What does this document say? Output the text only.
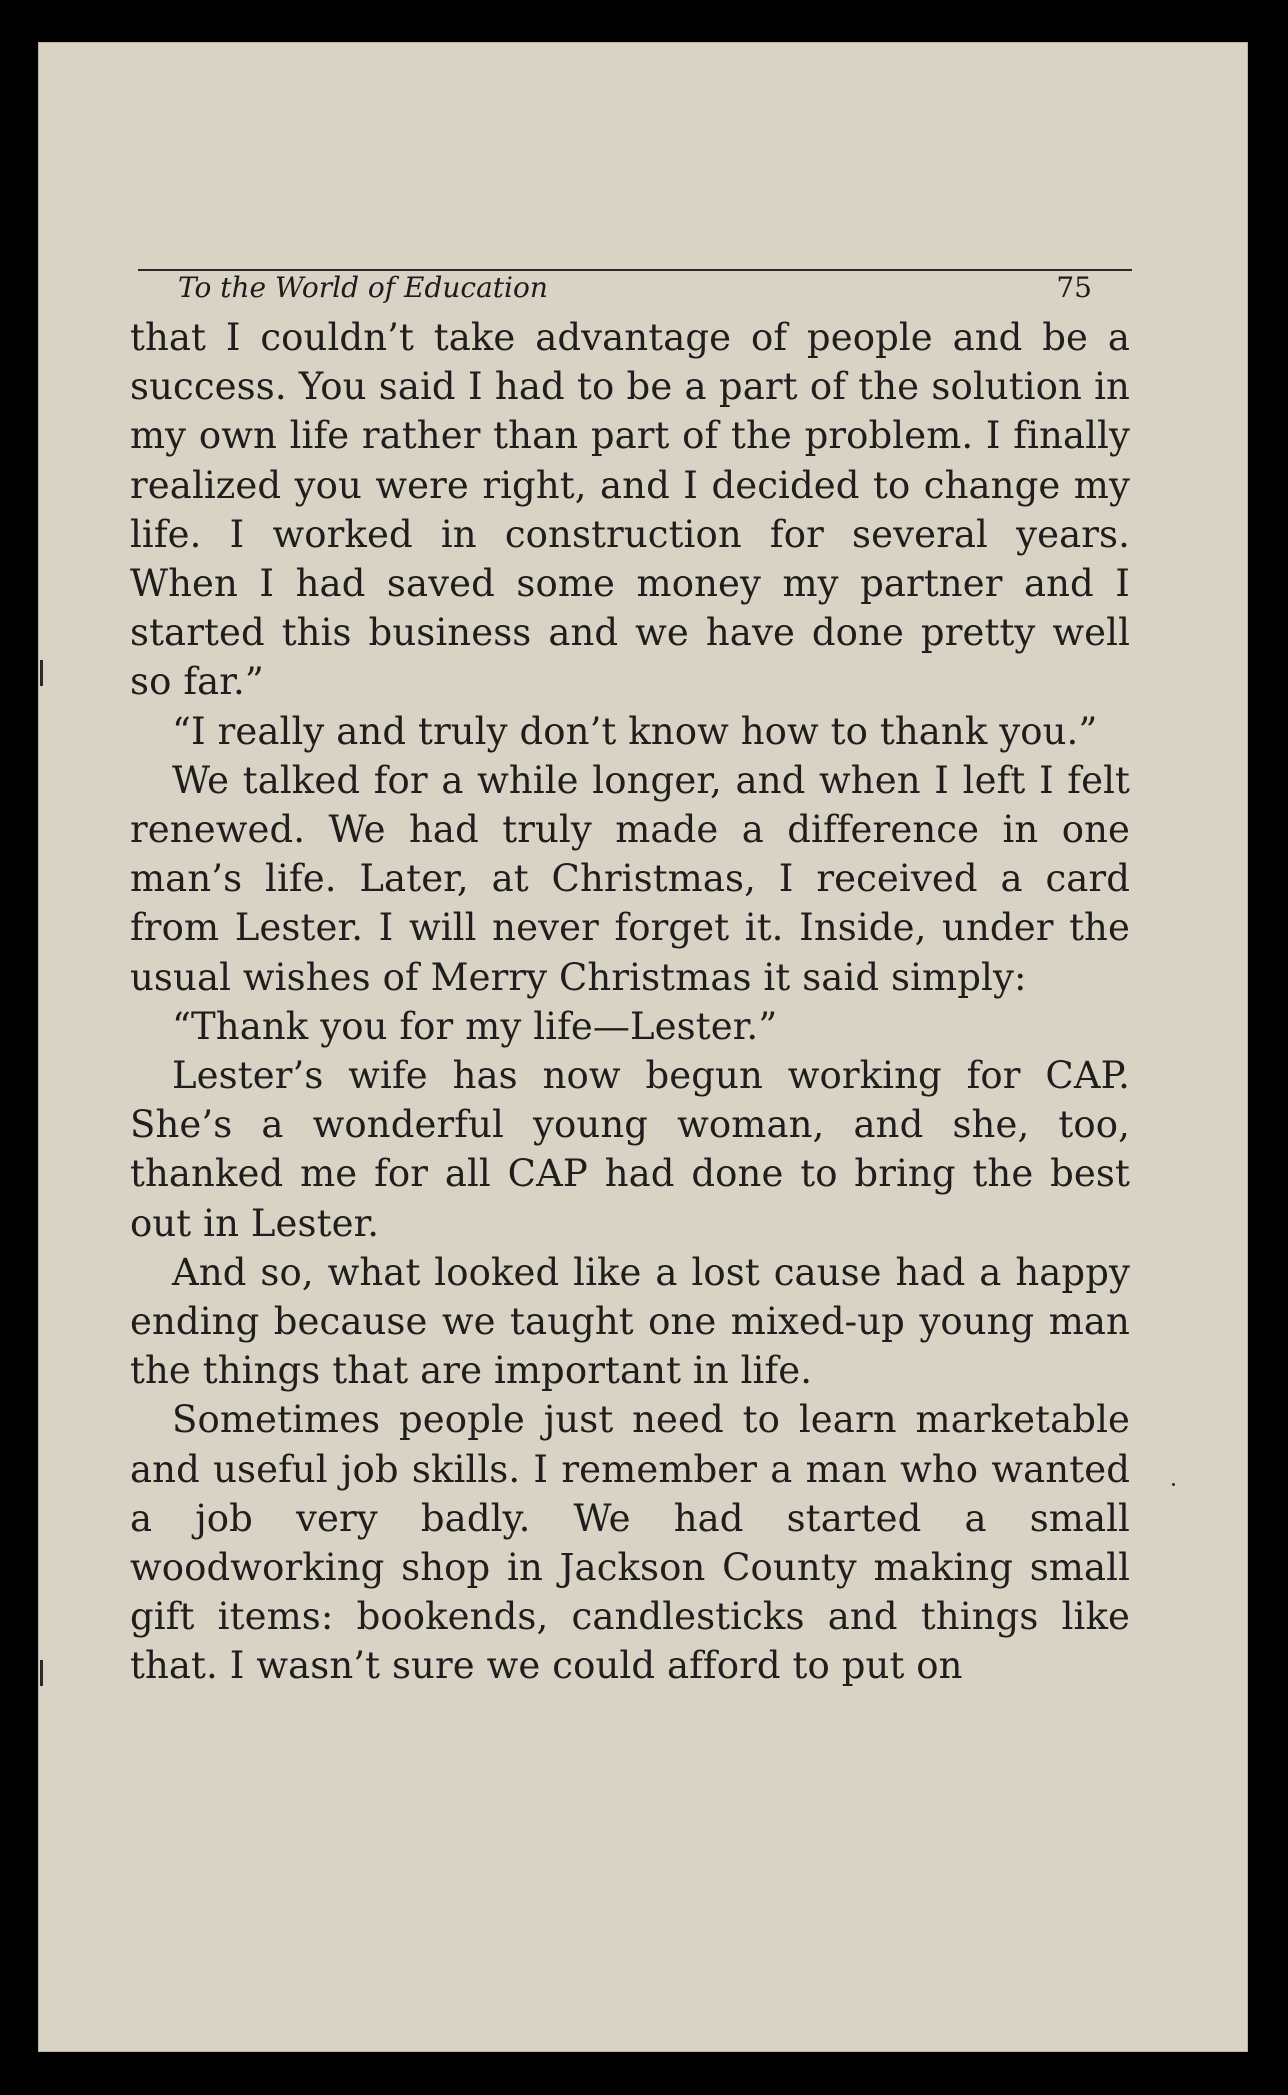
To the World of Education	75

that I couldn’t take advantage of people and be a success. You said I had to be a part of the solution in my own life rather than part of the problem. I finally realized you were right, and I decided to change my life. I worked in construction for several years. When I had saved some money my partner and I started this business and we have done pretty well so far.”

“I really and truly don’t know how to thank you.”

We talked for a while longer, and when I left I felt renewed. We had truly made a difference in one man’s life. Later, at Christmas, I received a card from Lester. I will never forget it. Inside, under the usual wishes of Merry Christmas it said simply:

“Thank you for my life—Lester.”

Lester’s wife has now begun working for CAP. She’s a wonderful young woman, and she, too, thanked me for all CAP had done to bring the best out in Lester.

And so, what looked like a lost cause had a happy ending because we taught one mixed-up young man the things that are important in life.

Sometimes people just need to learn marketable and useful job skills. I remember a man who wanted a job very badly. We had started a small woodworking shop in Jackson County making small gift items: bookends, candlesticks and things like that. I wasn’t sure we could afford to put on
